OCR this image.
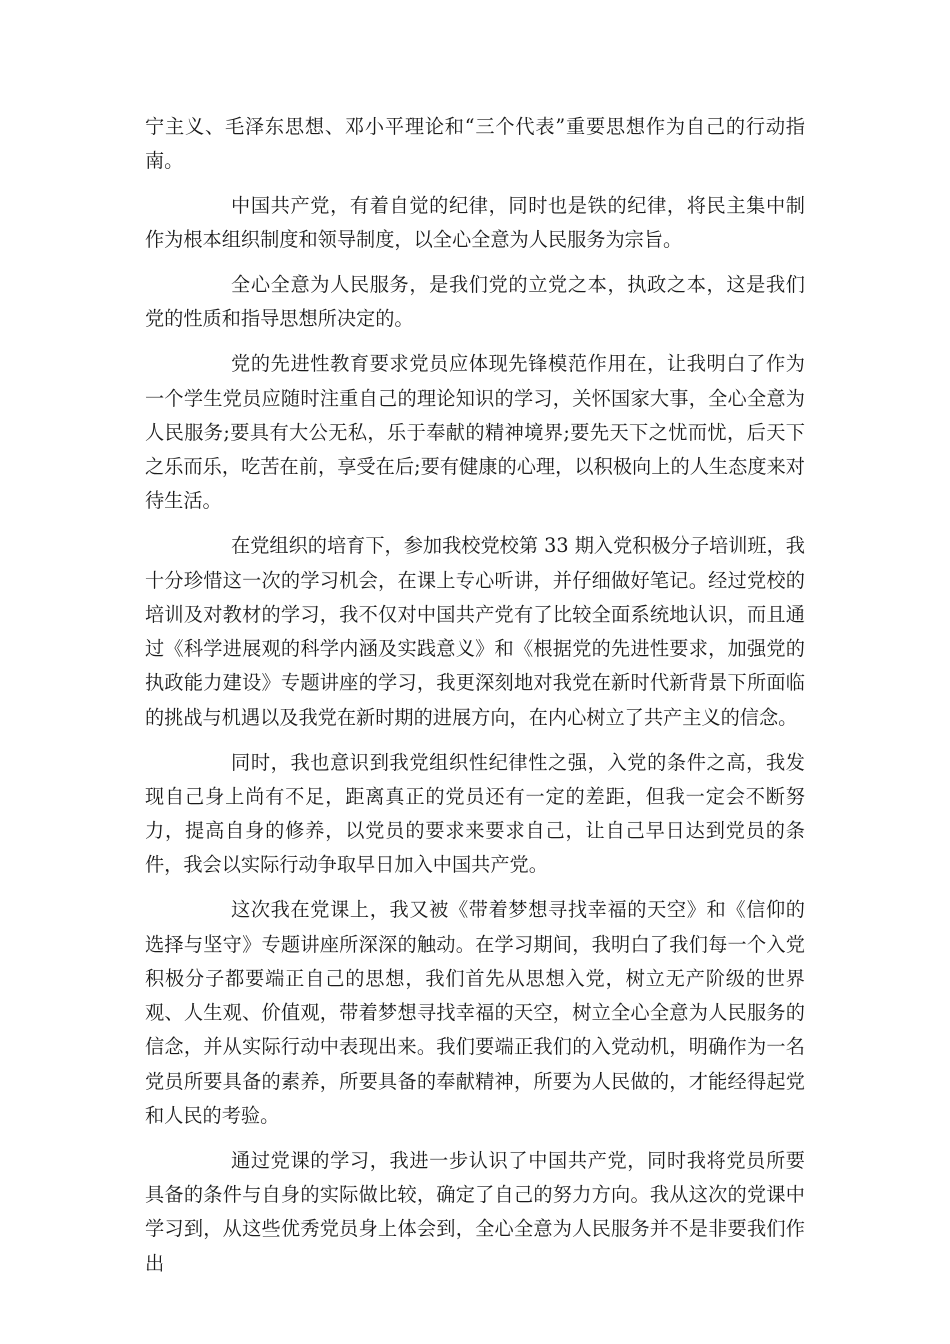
宁主义、毛泽东思想、邓小平理论和“三个代表”重要思想作为自己的行动指南。

中国共产党，有着自觉的纪律，同时也是铁的纪律，将民主集中制作为根本组织制度和领导制度，以全心全意为人民服务为宗旨。

全心全意为人民服务，是我们党的立党之本，执政之本，这是我们党的性质和指导思想所决定的。

党的先进性教育要求党员应体现先锋模范作用在，让我明白了作为一个学生党员应随时注重自己的理论知识的学习，关怀国家大事，全心全意为人民服务;要具有大公无私，乐于奉献的精神境界;要先天下之忧而忧，后天下之乐而乐，吃苦在前，享受在后;要有健康的心理，以积极向上的人生态度来对待生活。

在党组织的培育下，参加我校党校第 33 期入党积极分子培训班，我十分珍惜这一次的学习机会，在课上专心听讲，并仔细做好笔记。经过党校的培训及对教材的学习，我不仅对中国共产党有了比较全面系统地认识，而且通过《科学进展观的科学内涵及实践意义》和《根据党的先进性要求，加强党的执政能力建设》专题讲座的学习，我更深刻地对我党在新时代新背景下所面临的挑战与机遇以及我党在新时期的进展方向，在内心树立了共产主义的信念。

同时，我也意识到我党组织性纪律性之强，入党的条件之高，我发现自己身上尚有不足，距离真正的党员还有一定的差距，但我一定会不断努力，提高自身的修养，以党员的要求来要求自己，让自己早日达到党员的条件，我会以实际行动争取早日加入中国共产党。

这次我在党课上，我又被《带着梦想寻找幸福的天空》和《信仰的选择与坚守》专题讲座所深深的触动。在学习期间，我明白了我们每一个入党积极分子都要端正自己的思想，我们首先从思想入党，树立无产阶级的世界观、人生观、价值观，带着梦想寻找幸福的天空，树立全心全意为人民服务的信念，并从实际行动中表现出来。我们要端正我们的入党动机，明确作为一名党员所要具备的素养，所要具备的奉献精神，所要为人民做的，才能经得起党和人民的考验。

通过党课的学习，我进一步认识了中国共产党，同时我将党员所要具备的条件与自身的实际做比较，确定了自己的努力方向。我从这次的党课中学习到，从这些优秀党员身上体会到，全心全意为人民服务并不是非要我们作出
